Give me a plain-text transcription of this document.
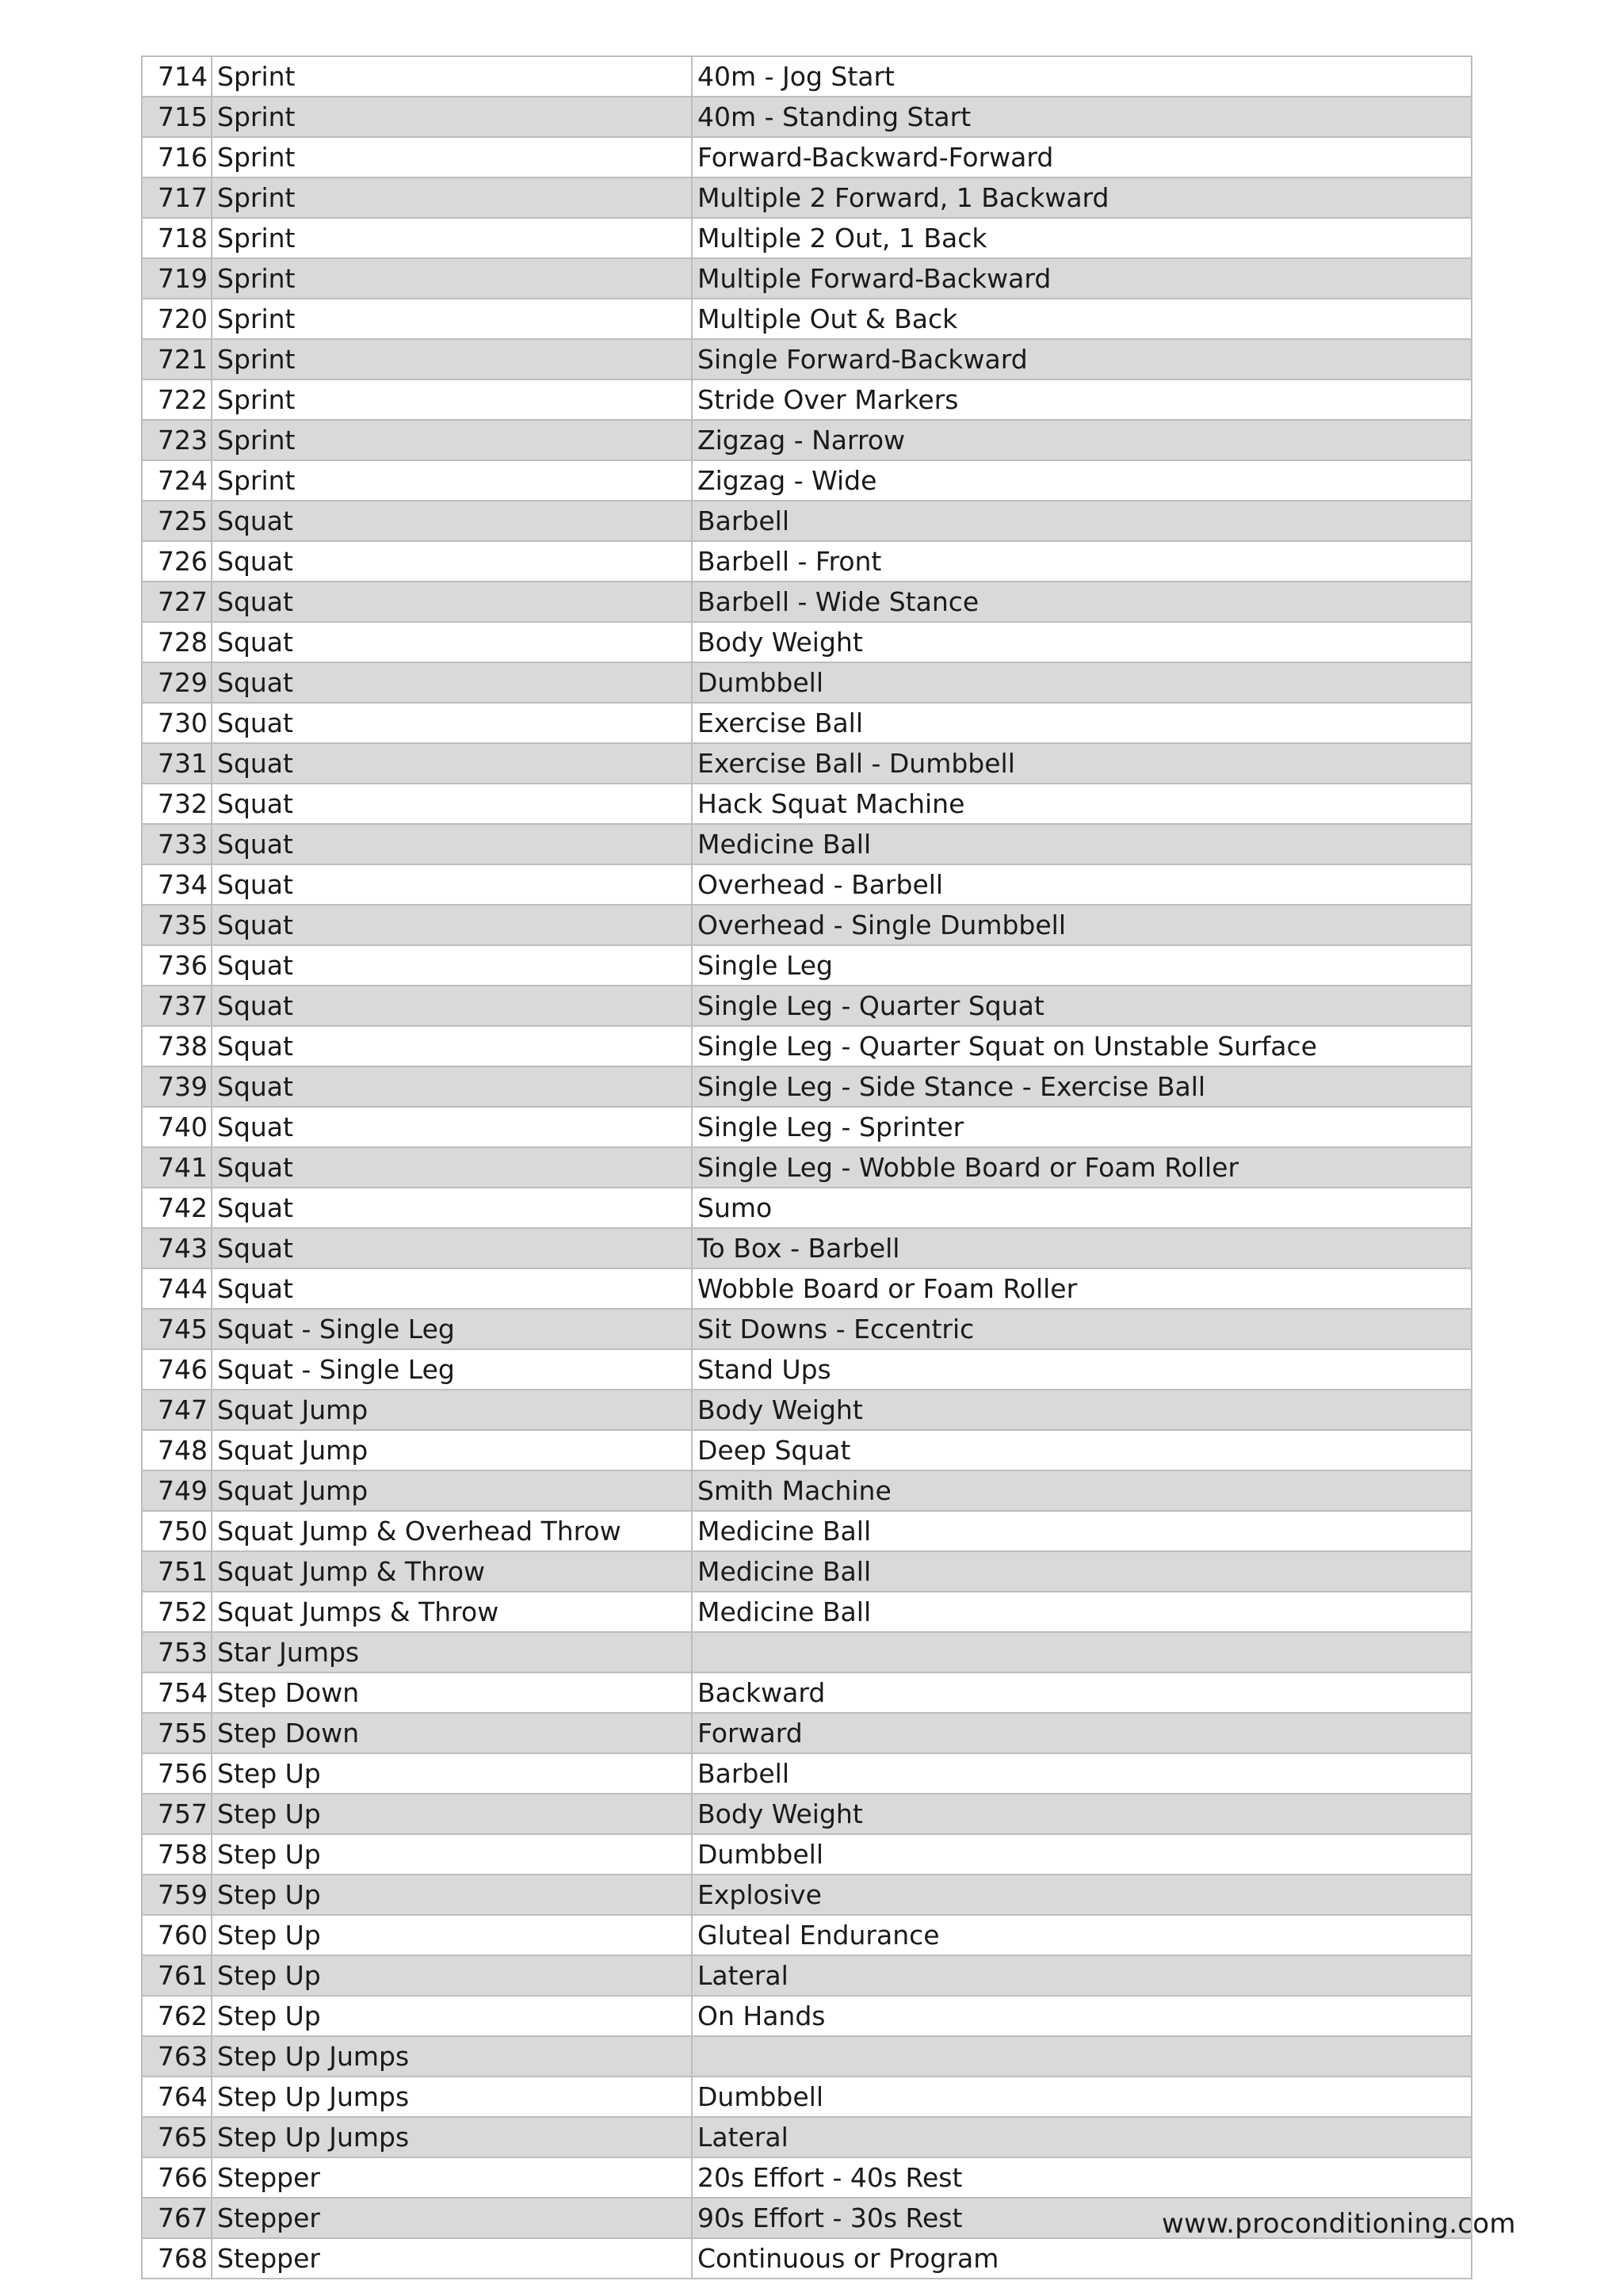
714	Sprint	40m - Jog Start
715	Sprint	40m - Standing Start
716	Sprint	Forward-Backward-Forward
717	Sprint	Multiple 2 Forward, 1 Backward
718	Sprint	Multiple 2 Out, 1 Back
719	Sprint	Multiple Forward-Backward
720	Sprint	Multiple Out & Back
721	Sprint	Single Forward-Backward
722	Sprint	Stride Over Markers
723	Sprint	Zigzag - Narrow
724	Sprint	Zigzag - Wide
725	Squat	Barbell
726	Squat	Barbell - Front
727	Squat	Barbell - Wide Stance
728	Squat	Body Weight
729	Squat	Dumbbell
730	Squat	Exercise Ball
731	Squat	Exercise Ball - Dumbbell
732	Squat	Hack Squat Machine
733	Squat	Medicine Ball
734	Squat	Overhead - Barbell
735	Squat	Overhead - Single Dumbbell
736	Squat	Single Leg
737	Squat	Single Leg - Quarter Squat
738	Squat	Single Leg - Quarter Squat on Unstable Surface
739	Squat	Single Leg - Side Stance - Exercise Ball
740	Squat	Single Leg - Sprinter
741	Squat	Single Leg - Wobble Board or Foam Roller
742	Squat	Sumo
743	Squat	To Box - Barbell
744	Squat	Wobble Board or Foam Roller
745	Squat - Single Leg	Sit Downs - Eccentric
746	Squat - Single Leg	Stand Ups
747	Squat Jump	Body Weight
748	Squat Jump	Deep Squat
749	Squat Jump	Smith Machine
750	Squat Jump & Overhead Throw	Medicine Ball
751	Squat Jump & Throw	Medicine Ball
752	Squat Jumps & Throw	Medicine Ball
753	Star Jumps	
754	Step Down	Backward
755	Step Down	Forward
756	Step Up	Barbell
757	Step Up	Body Weight
758	Step Up	Dumbbell
759	Step Up	Explosive
760	Step Up	Gluteal Endurance
761	Step Up	Lateral
762	Step Up	On Hands
763	Step Up Jumps	
764	Step Up Jumps	Dumbbell
765	Step Up Jumps	Lateral
766	Stepper	20s Effort - 40s Rest
767	Stepper	90s Effort - 30s Rest
768	Stepper	Continuous or Program
www.proconditioning.com
